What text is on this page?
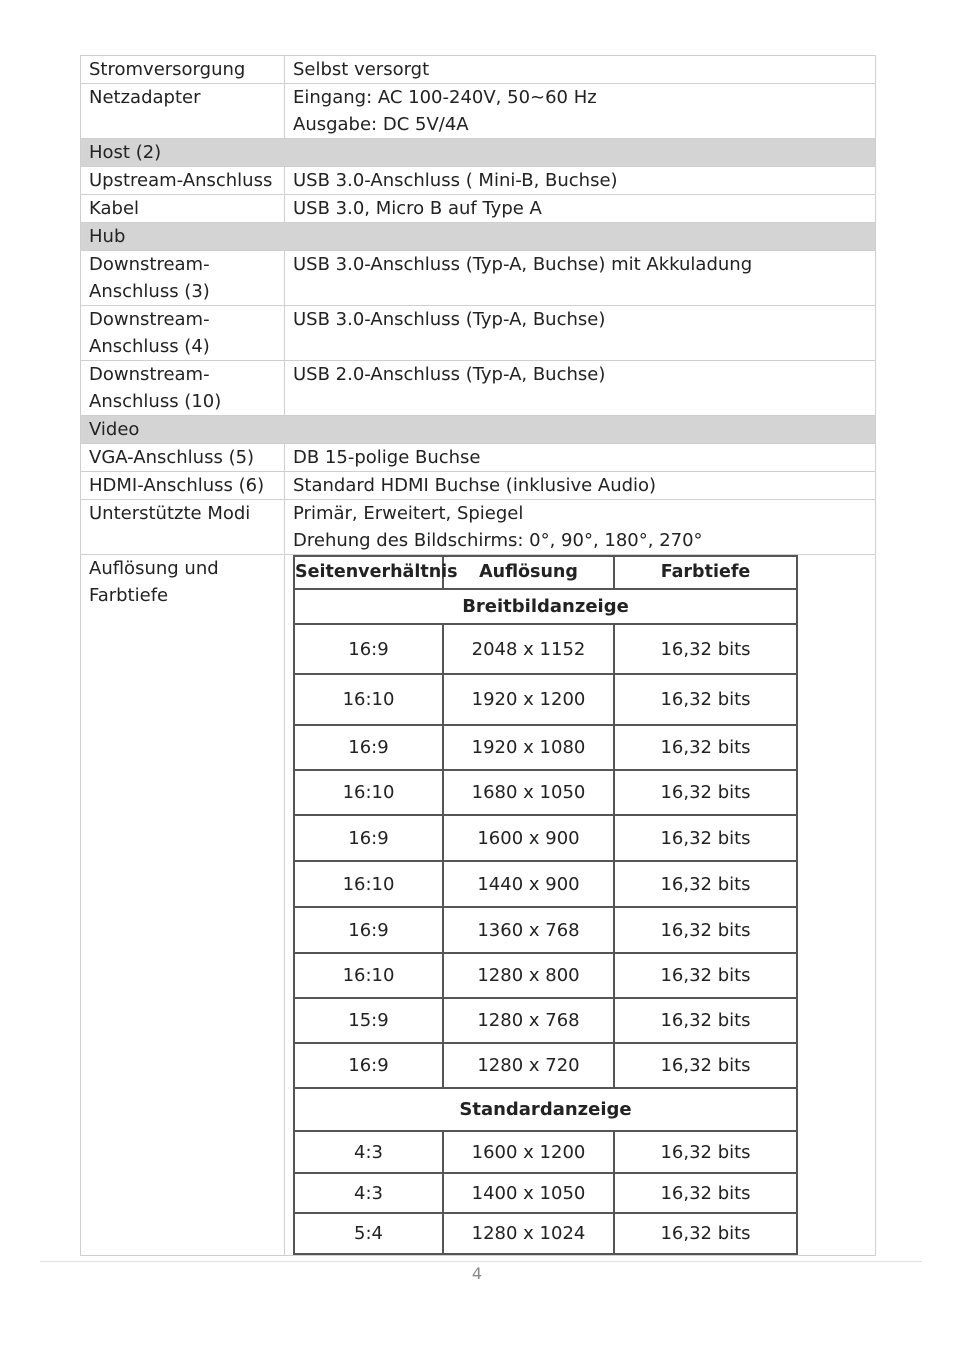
Stromversorgung	Selbst versorgt
Netzadapter	Eingang: AC 100-240V, 50~60 Hz
Ausgabe: DC 5V/4A

Host (2)
Upstream-Anschluss	USB 3.0-Anschluss ( Mini-B, Buchse)
Kabel	USB 3.0, Micro B auf Type A
Hub

Downstream-
Anschluss (3)
	USB 3.0-Anschluss (Typ-A, Buchse) mit Akkuladung

Downstream-
Anschluss (4)
	USB 3.0-Anschluss (Typ-A, Buchse)

Downstream-
Anschluss (10)
	USB 2.0-Anschluss (Typ-A, Buchse)
Video
VGA-Anschluss (5)	DB 15-polige Buchse
HDMI-Anschluss (6)	Standard HDMI Buchse (inklusive Audio)
Unterstützte Modi	Primär, Erweitert, Spiegel
Drehung des Bildschirms: 0°, 90°, 180°, 270°

Auflösung und
Farbtiefe

Seitenverhältnis	Auflösung	Farbtiefe
Breitbildanzeige
16:9	2048 x 1152	16,32 bits
16:10	1920 x 1200	16,32 bits
16:9	1920 x 1080	16,32 bits
16:10	1680 x 1050	16,32 bits
16:9	1600 x 900	16,32 bits
16:10	1440 x 900	16,32 bits
16:9	1360 x 768	16,32 bits
16:10	1280 x 800	16,32 bits
15:9	1280 x 768	16,32 bits
16:9	1280 x 720	16,32 bits
Standardanzeige
4:3	1600 x 1200	16,32 bits
4:3	1400 x 1050	16,32 bits
5:4	1280 x 1024	16,32 bits
4
